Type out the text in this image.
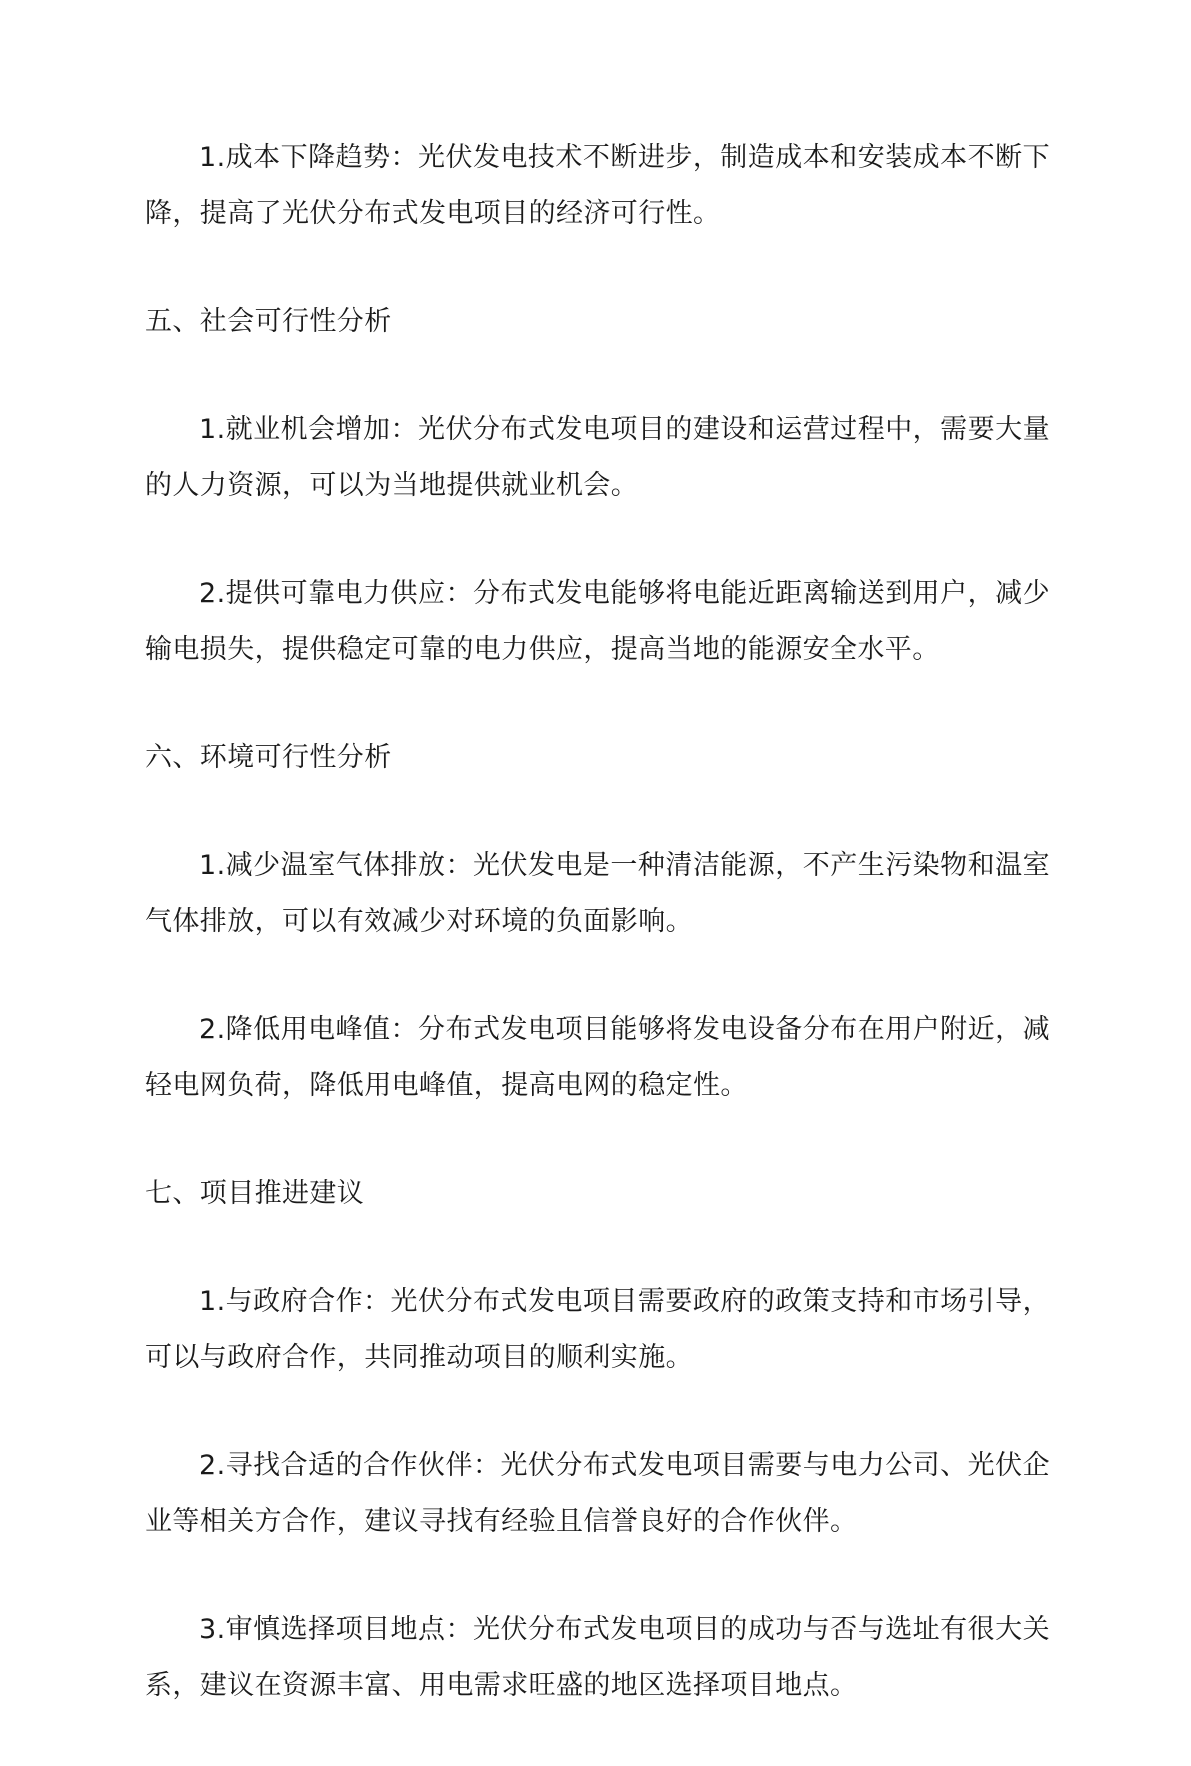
1.成本下降趋势：光伏发电技术不断进步，制造成本和安装成本不断下降，提高了光伏分布式发电项目的经济可行性。

五、社会可行性分析

1.就业机会增加：光伏分布式发电项目的建设和运营过程中，需要大量的人力资源，可以为当地提供就业机会。

2.提供可靠电力供应：分布式发电能够将电能近距离输送到用户，减少输电损失，提供稳定可靠的电力供应，提高当地的能源安全水平。

六、环境可行性分析

1.减少温室气体排放：光伏发电是一种清洁能源，不产生污染物和温室气体排放，可以有效减少对环境的负面影响。

2.降低用电峰值：分布式发电项目能够将发电设备分布在用户附近，减轻电网负荷，降低用电峰值，提高电网的稳定性。

七、项目推进建议

1.与政府合作：光伏分布式发电项目需要政府的政策支持和市场引导，可以与政府合作，共同推动项目的顺利实施。

2.寻找合适的合作伙伴：光伏分布式发电项目需要与电力公司、光伏企业等相关方合作，建议寻找有经验且信誉良好的合作伙伴。

3.审慎选择项目地点：光伏分布式发电项目的成功与否与选址有很大关系，建议在资源丰富、用电需求旺盛的地区选择项目地点。
